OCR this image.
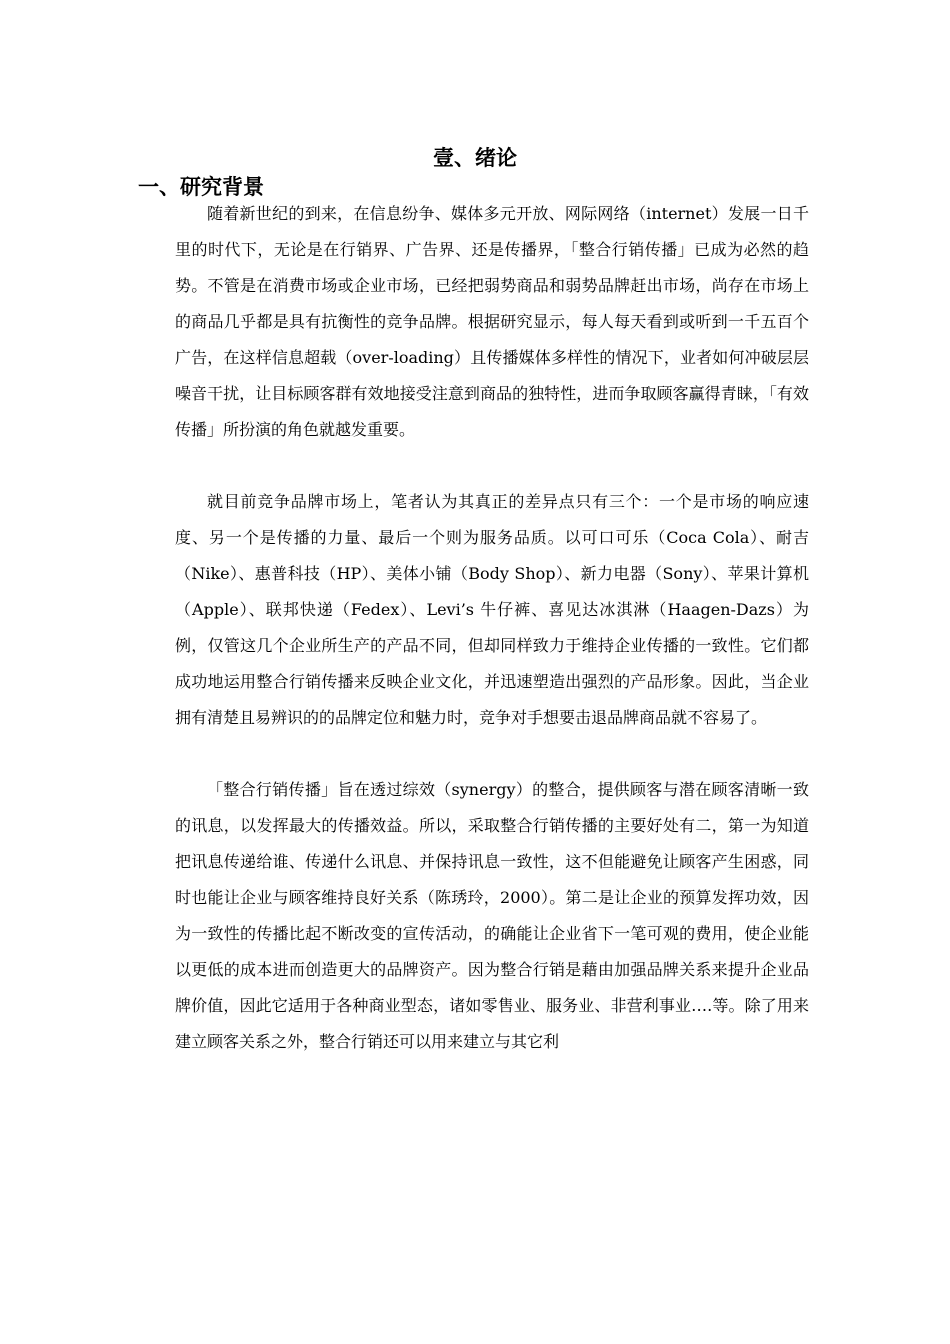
壹、绪论
一、研究背景

随着新世纪的到来，在信息纷争、媒体多元开放、网际网络（internet）发展一日千里的时代下，无论是在行销界、广告界、还是传播界，「整合行销传播」已成为必然的趋势。不管是在消费市场或企业市场，已经把弱势商品和弱势品牌赶出市场，尚存在市场上的商品几乎都是具有抗衡性的竞争品牌。根据研究显示，每人每天看到或听到一千五百个广告，在这样信息超载（over-loading）且传播媒体多样性的情况下，业者如何冲破层层噪音干扰，让目标顾客群有效地接受注意到商品的独特性，进而争取顾客赢得青睐，「有效传播」所扮演的角色就越发重要。

就目前竞争品牌市场上，笔者认为其真正的差异点只有三个：一个是市场的响应速度、另一个是传播的力量、最后一个则为服务品质。以可口可乐（Coca Cola）、耐吉（Nike）、惠普科技（HP）、美体小铺（Body Shop）、新力电器（Sony）、苹果计算机（Apple）、联邦快递（Fedex）、Levi’s 牛仔裤、喜见达冰淇淋（Haagen-Dazs）为例，仅管这几个企业所生产的产品不同，但却同样致力于维持企业传播的一致性。它们都成功地运用整合行销传播来反映企业文化，并迅速塑造出强烈的产品形象。因此，当企业拥有清楚且易辨识的的品牌定位和魅力时，竞争对手想要击退品牌商品就不容易了。

「整合行销传播」旨在透过综效（synergy）的整合，提供顾客与潜在顾客清晰一致的讯息，以发挥最大的传播效益。所以，采取整合行销传播的主要好处有二，第一为知道把讯息传递给谁、传递什么讯息、并保持讯息一致性，这不但能避免让顾客产生困惑，同时也能让企业与顾客维持良好关系（陈琇玲，2000）。第二是让企业的预算发挥功效，因为一致性的传播比起不断改变的宣传活动，的确能让企业省下一笔可观的费用，使企业能以更低的成本进而创造更大的品牌资产。因为整合行销是藉由加强品牌关系来提升企业品牌价值，因此它适用于各种商业型态，诸如零售业、服务业、非营利事业….等。除了用来建立顾客关系之外，整合行销还可以用来建立与其它利
